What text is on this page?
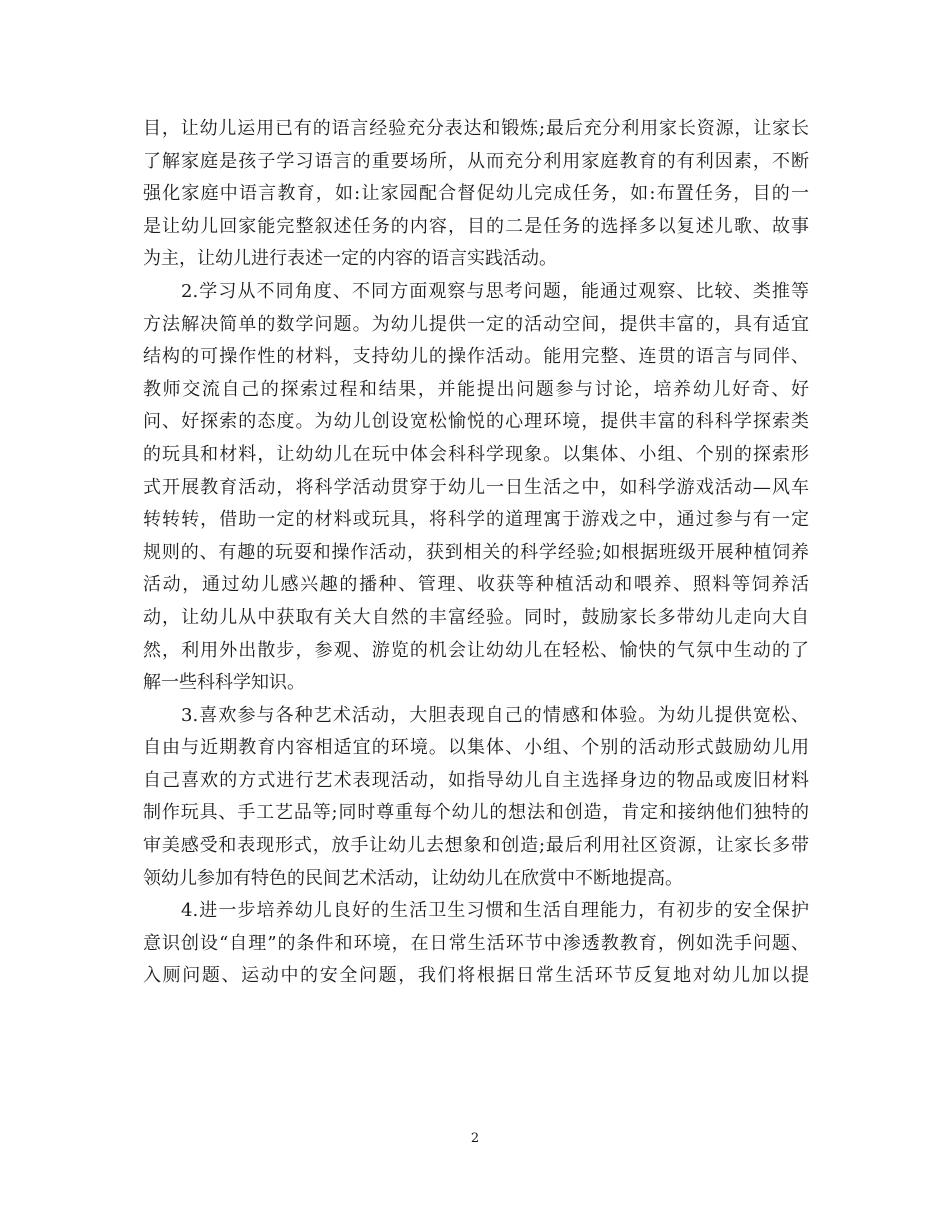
目，让幼儿运用已有的语言经验充分表达和锻炼;最后充分利用家长资源，让家长
了解家庭是孩子学习语言的重要场所，从而充分利用家庭教育的有利因素，不断
强化家庭中语言教育，如:让家园配合督促幼儿完成任务，如:布置任务，目的一
是让幼儿回家能完整叙述任务的内容，目的二是任务的选择多以复述儿歌、故事
为主，让幼儿进行表述一定的内容的语言实践活动。
2.学习从不同角度、不同方面观察与思考问题，能通过观察、比较、类推等
方法解决简单的数学问题。为幼儿提供一定的活动空间，提供丰富的，具有适宜
结构的可操作性的材料，支持幼儿的操作活动。能用完整、连贯的语言与同伴、
教师交流自己的探索过程和结果，并能提出问题参与讨论，培养幼儿好奇、好
问、好探索的态度。为幼儿创设宽松愉悦的心理环境，提供丰富的科科学探索类
的玩具和材料，让幼幼儿在玩中体会科科学现象。以集体、小组、个别的探索形
式开展教育活动，将科学活动贯穿于幼儿一日生活之中，如科学游戏活动—风车
转转转，借助一定的材料或玩具，将科学的道理寓于游戏之中，通过参与有一定
规则的、有趣的玩耍和操作活动，获到相关的科学经验;如根据班级开展种植饲养
活动，通过幼儿感兴趣的播种、管理、收获等种植活动和喂养、照料等饲养活
动，让幼儿从中获取有关大自然的丰富经验。同时，鼓励家长多带幼儿走向大自
然，利用外出散步，参观、游览的机会让幼幼儿在轻松、愉快的气氛中生动的了
解一些科科学知识。
3.喜欢参与各种艺术活动，大胆表现自己的情感和体验。为幼儿提供宽松、
自由与近期教育内容相适宜的环境。以集体、小组、个别的活动形式鼓励幼儿用
自己喜欢的方式进行艺术表现活动，如指导幼儿自主选择身边的物品或废旧材料
制作玩具、手工艺品等;同时尊重每个幼儿的想法和创造，肯定和接纳他们独特的
审美感受和表现形式，放手让幼儿去想象和创造;最后利用社区资源，让家长多带
领幼儿参加有特色的民间艺术活动，让幼幼儿在欣赏中不断地提高。
4.进一步培养幼儿良好的生活卫生习惯和生活自理能力，有初步的安全保护
意识创设“自理”的条件和环境，在日常生活环节中渗透教教育，例如洗手问题、
入厕问题、运动中的安全问题，我们将根据日常生活环节反复地对幼儿加以提
2
